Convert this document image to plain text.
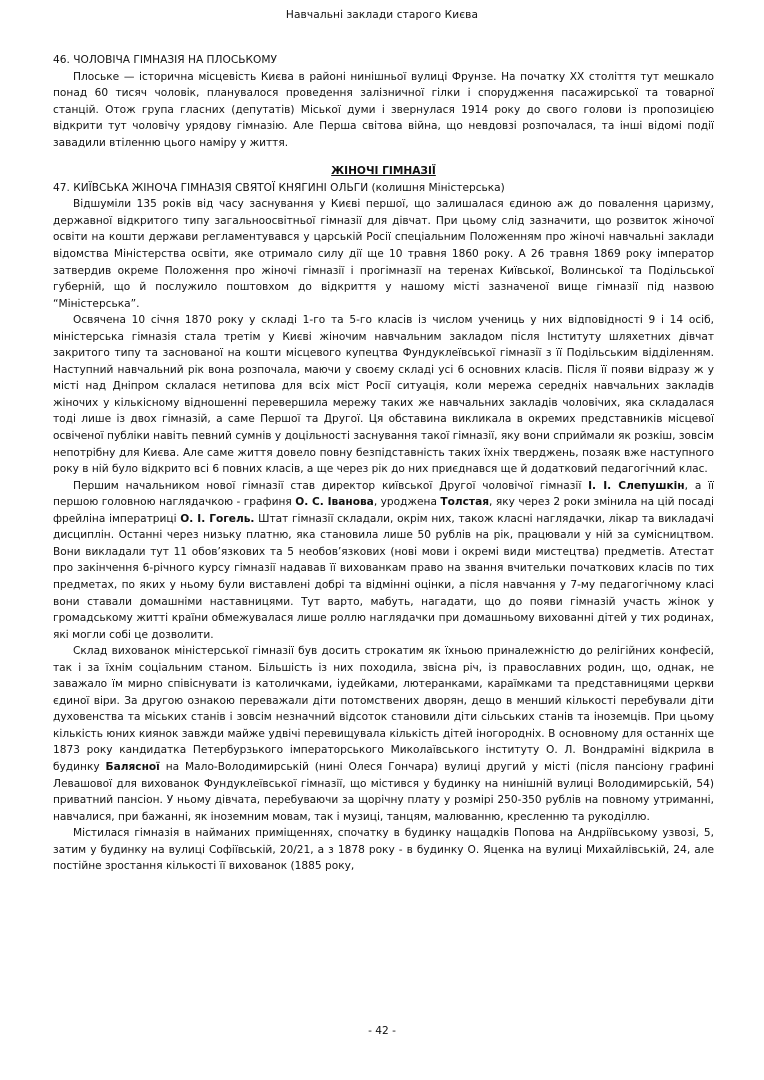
Навчальні заклади старого Києва

46. ЧОЛОВІЧА ГІМНАЗІЯ НА ПЛОСЬКОМУ

Плоське — історична місцевість Києва в районі нинішньої вулиці Фрунзе. На початку ХХ століття тут мешкало понад 60 тисяч чоловік, планувалося проведення залізничної гілки і спорудження пасажирської та товарної станцій. Отож група гласних (депутатів) Міської думи і звернулася 1914 року до свого голови із пропозицією відкрити тут чоловічу урядову гімназію. Але Перша світова війна, що невдовзі розпочалася, та інші відомі події завадили втіленню цього наміру у життя.

ЖІНОЧІ ГІМНАЗІЇ

47. КИЇВСЬКА ЖІНОЧА ГІМНАЗІЯ СВЯТОЇ КНЯГИНІ ОЛЬГИ (колишня Міністерська)

Відшуміли 135 років від часу заснування у Києві першої, що залишалася єдиною аж до повалення царизму, державної відкритого типу загальноосвітньої гімназії для дівчат. При цьому слід зазначити, що розвиток жіночої освіти на кошти держави регламентувався у царській Росії спеціальним Положенням про жіночі навчальні заклади відомства Міністерства освіти, яке отримало силу дії ще 10 травня 1860 року. А 26 травня 1869 року імператор затвердив окреме Положення про жіночі гімназії і прогімназії на теренах Київської, Волинської та Подільської губерній, що й послужило поштовхом до відкриття у нашому місті зазначеної вище гімназії під назвою “Міністерська”.

Освячена 10 січня 1870 року у складі 1-го та 5-го класів із числом учениць у них відповідності 9 і 14 осіб, міністерська гімназія стала третім у Києві жіночим навчальним закладом після Інституту шляхетних дівчат закритого типу та заснованої на кошти місцевого купецтва Фундуклеївської гімназії з її Подільським відділенням. Наступний навчальний рік вона розпочала, маючи у своєму складі усі 6 основних класів. Після її появи відразу ж у місті над Дніпром склалася нетипова для всіх міст Росії ситуація, коли мережа середніх навчальних закладів жіночих у кількісному відношенні перевершила мережу таких же навчальних закладів чоловічих, яка складалася тоді лише із двох гімназій, а саме Першої та Другої. Ця обставина викликала в окремих представників місцевої освіченої публіки навіть певний сумнів у доцільності заснування такої гімназії, яку вони сприймали як розкіш, зовсім непотрібну для Києва. Але саме життя довело повну безпідставність таких їхніх тверджень, позаяк вже наступного року в ній було відкрито всі 6 повних класів, а ще через рік до них приєднався ще й додатковий педагогічний клас.

Першим начальником нової гімназії став директор київської Другої чоловічої гімназії І. І. Слепушкін, а її першою головною наглядачкою - графиня О. С. Іванова, уроджена Толстая, яку через 2 роки змінила на цій посаді фрейліна імператриці О. І. Гогель. Штат гімназії складали, окрім них, також класні наглядачки, лікар та викладачі дисциплін. Останні через низьку платню, яка становила лише 50 рублів на рік, працювали у ній за сумісництвом. Вони викладали тут 11 обов’язкових та 5 необов’язкових (нові мови і окремі види мистецтва) предметів. Атестат про закінчення 6-річного курсу гімназії надавав її вихованкам право на звання вчительки початкових класів по тих предметах, по яких у ньому були виставлені добрі та відмінні оцінки, а після навчання у 7-му педагогічному класі вони ставали домашніми наставницями. Тут варто, мабуть, нагадати, що до появи гімназій участь жінок у громадському житті країни обмежувалася лише роллю наглядачки при домашньому вихованні дітей у тих родинах, які могли собі це дозволити.

Склад вихованок міністерської гімназії був досить строкатим як їхньою приналежністю до релігійних конфесій, так і за їхнім соціальним станом. Більшість із них походила, звісна річ, із православних родин, що, однак, не заважало їм мирно співіснувати із католичками, іудейками, лютеранками, караїмками та представницями церкви єдиної віри. За другою ознакою переважали діти потомствених дворян, дещо в менший кількості перебували діти духовенства та міських станів і зовсім незначний відсоток становили діти сільських станів та іноземців. При цьому кількість юних киянок завжди майже удвічі перевищувала кількість дітей іногородніх. В основному для останніх ще 1873 року кандидатка Петербурзького імператорського Миколаївського інституту О. Л. Вондраміні відкрила в будинку Балясної на Мало-Володимирській (нині Олеся Гончара) вулиці другий у місті (після пансіону графині Левашової для вихованок Фундуклеївської гімназії, що містився у будинку на нинішній вулиці Володимирській, 54) приватний пансіон. У ньому дівчата, перебуваючи за щорічну плату у розмірі 250-350 рублів на повному утриманні, навчалися, при бажанні, як іноземним мовам, так і музиці, танцям, малюванню, кресленню та рукоділлю.

Містилася гімназія в найманих приміщеннях, спочатку в будинку нащадків Попова на Андріївському узвозі, 5, затим у будинку на вулиці Софіївській, 20/21, а з 1878 року - в будинку О. Яценка на вулиці Михайлівській, 24, але постійне зростання кількості її вихованок (1885 року,

- 42 -
